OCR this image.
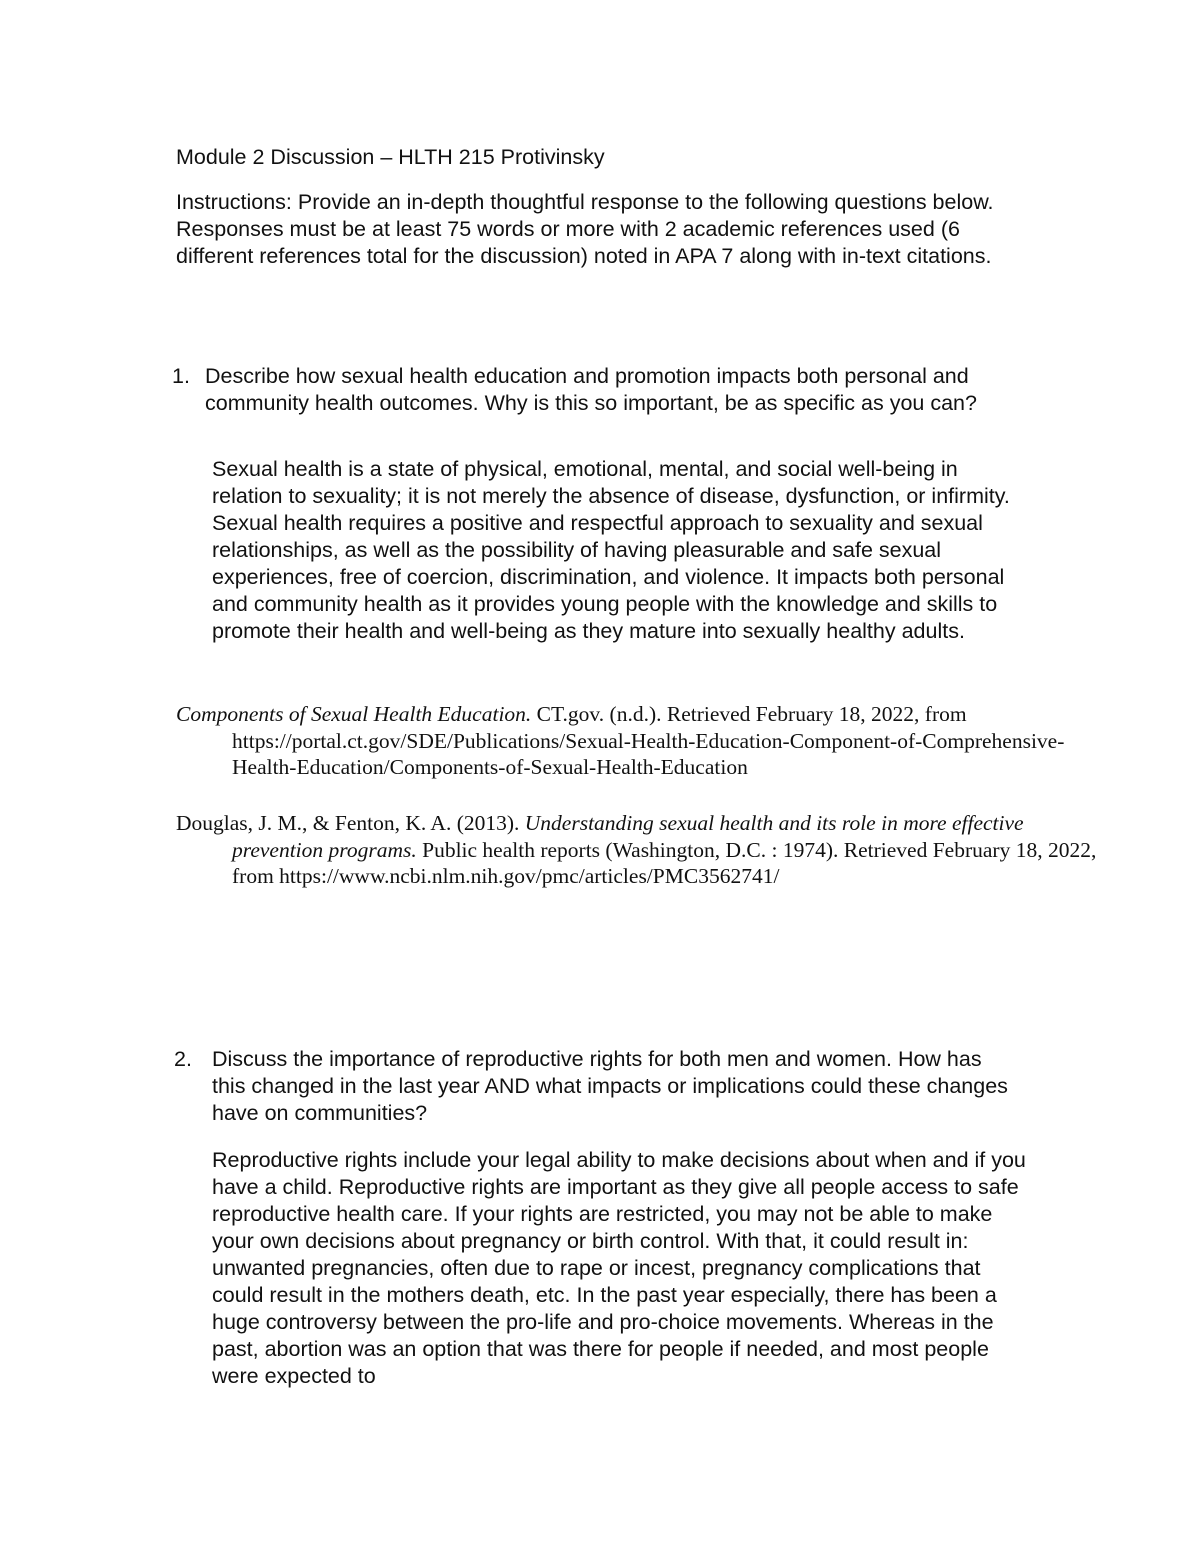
Module 2 Discussion – HLTH 215 Protivinsky

Instructions: Provide an in-depth thoughtful response to the following questions below. Responses must be at least 75 words or more with 2 academic references used (6 different references total for the discussion) noted in APA 7 along with in-text citations.

1. Describe how sexual health education and promotion impacts both personal and community health outcomes. Why is this so important, be as specific as you can?

Sexual health is a state of physical, emotional, mental, and social well-being in relation to sexuality; it is not merely the absence of disease, dysfunction, or infirmity. Sexual health requires a positive and respectful approach to sexuality and sexual relationships, as well as the possibility of having pleasurable and safe sexual experiences, free of coercion, discrimination, and violence. It impacts both personal and community health as it provides young people with the knowledge and skills to promote their health and well-being as they mature into sexually healthy adults.

Components of Sexual Health Education. CT.gov. (n.d.). Retrieved February 18, 2022, from https://portal.ct.gov/SDE/Publications/Sexual-Health-Education-Component-of-Comprehensive-Health-Education/Components-of-Sexual-Health-Education

Douglas, J. M., & Fenton, K. A. (2013). Understanding sexual health and its role in more effective prevention programs. Public health reports (Washington, D.C. : 1974). Retrieved February 18, 2022, from https://www.ncbi.nlm.nih.gov/pmc/articles/PMC3562741/

2. Discuss the importance of reproductive rights for both men and women. How has this changed in the last year AND what impacts or implications could these changes have on communities?

Reproductive rights include your legal ability to make decisions about when and if you have a child. Reproductive rights are important as they give all people access to safe reproductive health care. If your rights are restricted, you may not be able to make your own decisions about pregnancy or birth control. With that, it could result in: unwanted pregnancies, often due to rape or incest, pregnancy complications that could result in the mothers death, etc. In the past year especially, there has been a huge controversy between the pro-life and pro-choice movements. Whereas in the past, abortion was an option that was there for people if needed, and most people were expected to
